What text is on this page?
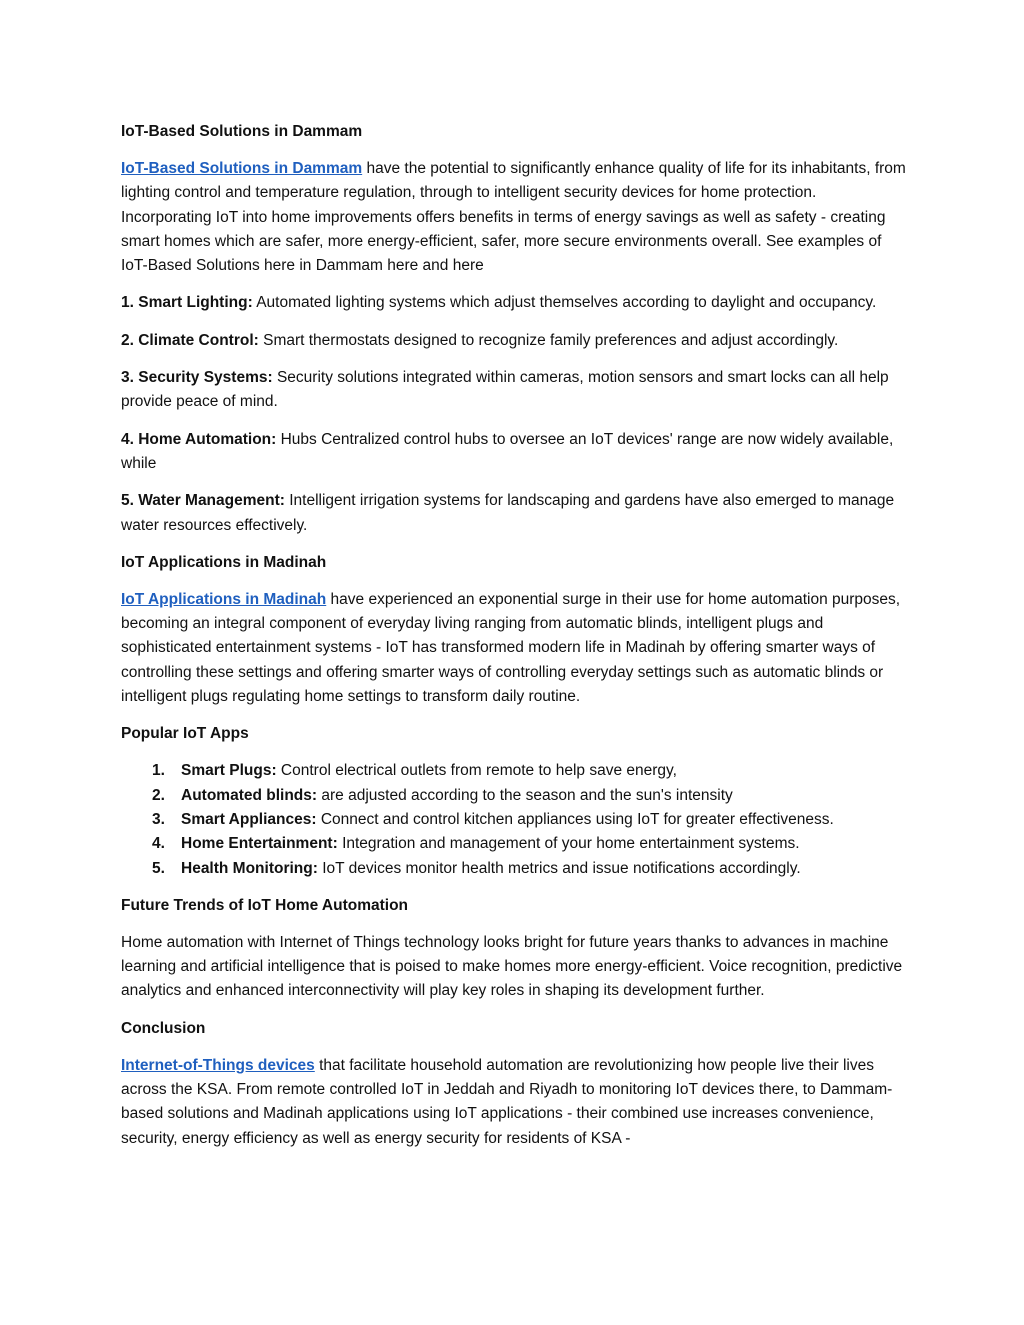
IoT-Based Solutions in Dammam
IoT-Based Solutions in Dammam have the potential to significantly enhance quality of life for its inhabitants, from lighting control and temperature regulation, through to intelligent security devices for home protection. Incorporating IoT into home improvements offers benefits in terms of energy savings as well as safety - creating smart homes which are safer, more energy-efficient, safer, more secure environments overall. See examples of IoT-Based Solutions here in Dammam here and here
1. Smart Lighting: Automated lighting systems which adjust themselves according to daylight and occupancy.
2. Climate Control: Smart thermostats designed to recognize family preferences and adjust accordingly.
3. Security Systems: Security solutions integrated within cameras, motion sensors and smart locks can all help provide peace of mind.
4. Home Automation: Hubs Centralized control hubs to oversee an IoT devices' range are now widely available, while
5. Water Management: Intelligent irrigation systems for landscaping and gardens have also emerged to manage water resources effectively.
IoT Applications in Madinah
IoT Applications in Madinah have experienced an exponential surge in their use for home automation purposes, becoming an integral component of everyday living ranging from automatic blinds, intelligent plugs and sophisticated entertainment systems - IoT has transformed modern life in Madinah by offering smarter ways of controlling these settings and offering smarter ways of controlling everyday settings such as automatic blinds or intelligent plugs regulating home settings to transform daily routine.
Popular IoT Apps
1. Smart Plugs: Control electrical outlets from remote to help save energy,
2. Automated blinds: are adjusted according to the season and the sun's intensity
3. Smart Appliances: Connect and control kitchen appliances using IoT for greater effectiveness.
4. Home Entertainment: Integration and management of your home entertainment systems.
5. Health Monitoring: IoT devices monitor health metrics and issue notifications accordingly.
Future Trends of IoT Home Automation
Home automation with Internet of Things technology looks bright for future years thanks to advances in machine learning and artificial intelligence that is poised to make homes more energy-efficient. Voice recognition, predictive analytics and enhanced interconnectivity will play key roles in shaping its development further.
Conclusion
Internet-of-Things devices that facilitate household automation are revolutionizing how people live their lives across the KSA. From remote controlled IoT in Jeddah and Riyadh to monitoring IoT devices there, to Dammam-based solutions and Madinah applications using IoT applications - their combined use increases convenience, security, energy efficiency as well as energy security for residents of KSA -
